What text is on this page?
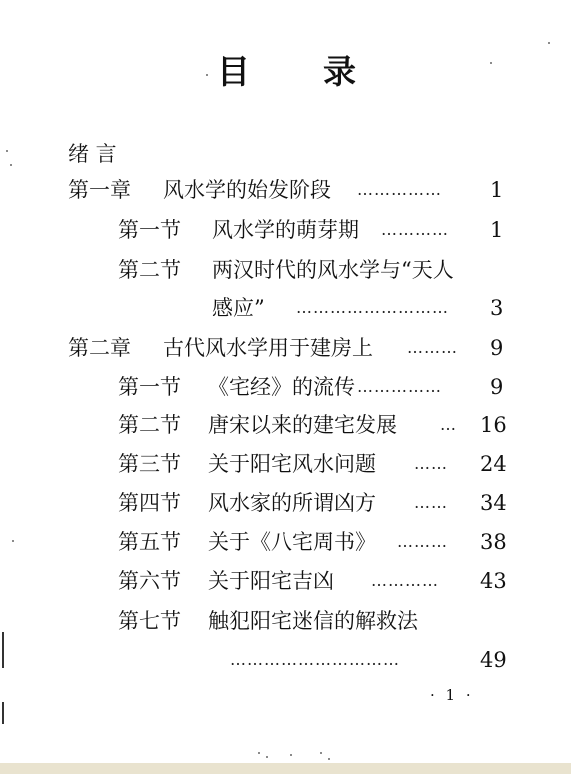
目 录
绪 言
第一章 风水学的始发阶段 …………… 1
第一节 风水学的萌芽期 ………… 1
第二节 两汉时代的风水学与“天人
感应” ……………………… 3
第二章 古代风水学用于建房上 ……… 9
第一节 《宅经》的流传 …………… 9
第二节 唐宋以来的建宅发展	… 16
第三节 关于阳宅风水问题 …… 24
第四节 风水家的所谓凶方 …… 34
第五节 关于《八宅周书》 ……… 38
第六节 关于阳宅吉凶 ………… 43
第七节 触犯阳宅迷信的解救法
…………………………	49
· 1 ·
